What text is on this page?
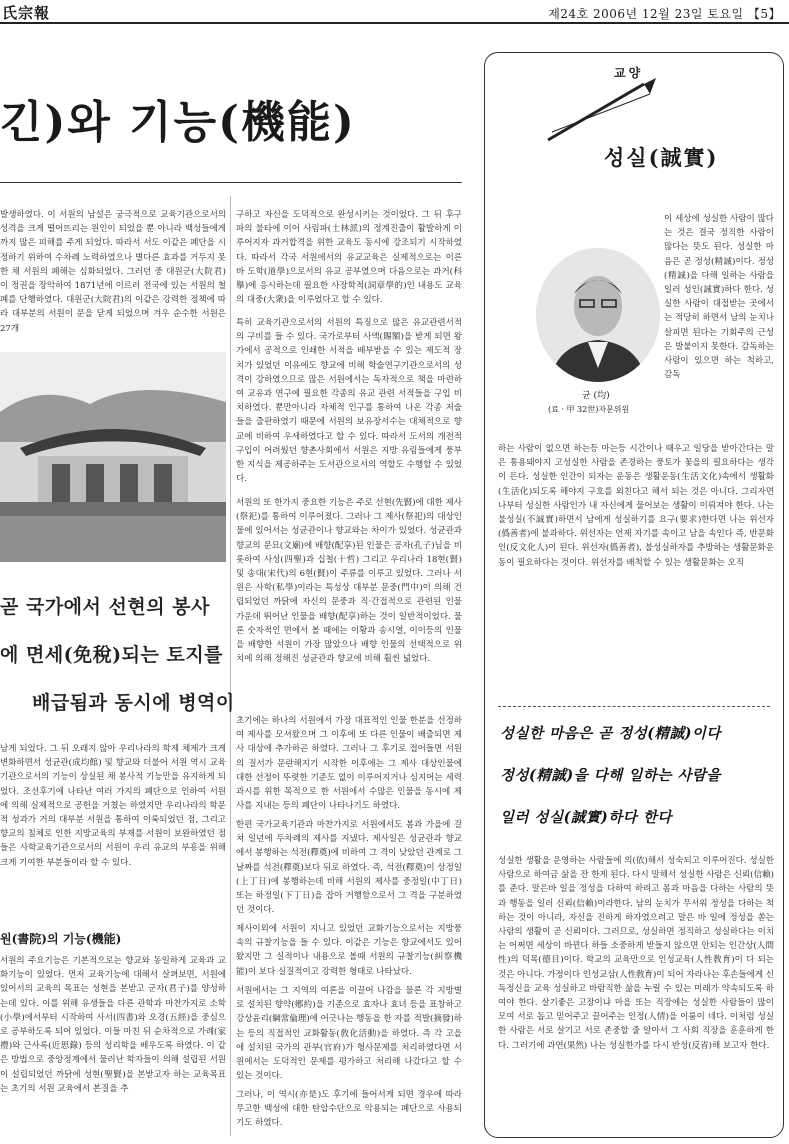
氏宗報	제24호 2006년 12월 23일 토요일 【5】
긴)와 기능(機能)
발생하였다. 이 서원의 남설은 궁극적으로 교육기관으로서의 성격을 크게 떨어뜨리는 원인이 되었을 뿐 아니라 백성들에게까지 많은 피해를 주게 되었다. 따라서 서도 이같은 폐단을 시정하기 위하여 수차례 노력하였으나 별다른 효과를 거두지 못한 채 서원의 폐해는 심화되었다. 그러던 중 대원군(大院君)이 정권을 장악하여 1871년에 이르러 전국에 있는 서원의 철폐를 단행하였다. 대원군(大院君)의 이같은 강력한 정책에 따라 대부분의 서원이 문을 닫게 되었으며 겨우 순수한 서원은 27개
곧 국가에서 선현의 봉사
에 면세(免稅)되는 토지를
배급됨과 동시에 병역이
남게 되었다. 그 뒤 오래지 않아 우리나라의 학제 체제가 크게 변화하면서 성균관(成均館) 및 향교와 더불어 서원 역시 교육기관으로서의 기능이 상실된 채 봉사적 기능만을 유지하게 되었다. 조선후기에 나타난 여러 가지의 폐단으로 인하여 서원에 의해 실제적으로 공헌을 거쳤는 하였지만 우리나라의 학문적 성과가 거의 대부분 서원을 통하여 이룩되었던 점, 그리고 향교의 침체로 인한 지방교육의 부재를 서원이 보완하였던 점들은 사학교육기관으로서의 서원이 우리 유교의 부흥을 위해 크게 기여한 부분들이라 할 수 있다.
원(書院)의 기능(機能)
서원의 주요기능은 기본적으로는 향교와 동일하게 교육과 교화기능이 있었다. 먼저 교육기능에 대해서 살펴보면, 서원에 있어서의 교육의 목표는 성현을 본받고 군자(君子)를 양성하는데 있다. 이를 위해 유생들을 다른 관학과 마찬가지로 소학(小學)에서부터 시작하여 사서(四書)와 오경(五經)을 중심으로 공부하도록 되어 있었다. 이들 마친 뒤 순차적으로 가례(家禮)와 근사록(近思錄) 등의 성리학을 배우도록 하였다. 이 같은 방법으로 중앙정계에서 물러난 학자들이 의해 설립된 서원이 설립되었던 까닭에 성현(聖賢)을 본받고자 하는 교육목표는 초기의 서원 교육에서 본질을 추
구하고 자신을 도덕적으로 완성시키는 것이었다. 그 뒤 후구파의 불타에 이어 사림파(士林派)의 정계진출이 활발하게 이루어지자 과거합격을 위한 교육도 동시에 강조되기 시작하였다. 따라서 각국 서원에서의 유교교육은 실제적으로는 이른 바 도학(道學)으로서의 유교 공부였으며 다음으로는 과거(科擧)에 응시하는데 필요한 사장학적(詞章學的)인 내용도 교육의 대중(大衆)을 이루었다고 할 수 있다.
특히 교육기관으로서의 서원의 특징으로 많은 유교관련서적의 구비를 들 수 있다. 국가로부터 사액(賜額)을 받게 되면 왕가에서 공적으로 인쇄한 서적을 배부받을 수 있는 제도적 장치가 있었던 이유에도 향교에 비해 학술연구기관으로서의 성격이 강하였으므로 많은 서원에서는 독자적으로 책을 마련하여 교유과 연구에 필요한 각종의 유교 관련 서적들을 구입 비치하였다. 뿐만아니라 자체적 인구를 통하여 나온 각종 저술들을 출판하였기 때문에 서원의 보유장서수는 대체적으로 향교에 비하여 우세하였다고 할 수 있다. 따라서 도서의 개전적 구입이 어려웠던 향촌사회에서 서원은 지방 유림들에게 풍부한 지식을 제공하주는 도서관으로서의 역할도 수행할 수 있었다.
서원의 또 한가지 중요한 기능은 주로 선현(先賢)에 대한 제사(祭祀)를 통하여 이루어졌다. 그러나 그 제사(祭祀)의 대상인물에 있어서는 성균관이나 향교와는 차이가 있었다. 성균관과 향교의 문묘(文廟)에 배향(配享)된 인물은 공자(孔子)님을 비롯하여 사성(四聖)과 십철(十哲) 그리고 우리나라 18현(賢) 및 송대(宋代)의 6현(賢)이 주류를 이루고 있었다. 그러나 서원은 사학(私學)이라는 특성상 대부분 문중(門中)이 의해 건립되었던 까닭에 자신의 문중과 직·간접적으로 관련된 인물 가운데 뛰어난 인물을 배향(配享)하는 것이 일반적이었다. 물론 숫자적인 면에서 볼 때에는 이황과 송시열, 이이등의 인물을 배향한 서원이 가장 많았으나 배향 인물의 선택적으로 위치에 의해 정해진 성균관과 향교에 비해 훨씬 넓었다.
초기에는 하나의 서원에서 가장 대표적인 인물 한분을 선정하여 제사를 모셔왔으며 그 이후에 또 다른 인물이 배출되면 제사 대상에 추가하곤 하였다. 그러나 그 후기로 접어들면 서원의 질서가 문란해지기 시작한 이후에는 그 제사 대상인물에 대한 선정이 뚜렷한 기준도 없이 이루어지거나 심지어는 세력과시를 위한 목적으로 한 서원에서 수많은 인물을 동시에 제사를 지내는 등의 폐단이 나타나기도 하였다.
한편 국가교육기관과 마찬가지로 서원에서도 봄과 가을에 걸쳐 일년에 두차례의 제사를 지냈다. 제사일은 성균관과 향교에서 봉행하는 석전(釋奠)에 비하여 그 격이 낮았던 관계로 그 날짜를 석전(釋奠)보다 뒤로 하였다. 즉, 석전(釋奠)이 상정일(上丁日)에 봉행하는데 비해 서원의 제사를 중정일(中丁日) 또는 하정일(下丁日)을 잡아 거행함으로서 그 격을 구분하였던 것이다.
제사이외에 서원이 지니고 있었던 교화기능으로서는 지방풍속의 규찰기능을 들 수 있다. 이같은 기능은 향교에서도 있어 왔지만 그 실적이나 내용으로 볼때 서원의 규찰기능(糾察機能)이 보다 실질적이고 강력한 형태로 나타났다.
서원에서는 그 지역의 여론을 이끌어 나감을 물론 각 지방별로 설치된 향약(鄕約)을 기준으로 효자나 효녀 등을 표창하고 강상윤리(綱常倫理)에 어긋나는 행동을 한 자를 적발(摘發)하는 등의 직접적인 교화활동(敎化活動)을 하였다. 즉 각 고을에 설치된 국가의 관부(官府)가 형사문제를 처리하였다면 서원에서는 도덕적인 문제를 평가하고 처리해 나갔다고 할 수 있는 것이다.
그러나, 이 역시(亦是)도 후기에 들어서게 되면 경우에 따라 무고한 백성에 대한 탄압수단으로 악용되는 폐단으로 사용되기도 하였다.
교양
성실(誠實)
균 (均)
(료 · 甲 32世)자문위원
이 세상에 성실한 사람이 많다는 것은 결국 정직한 사람이 많다는 뜻도 된다. 성실한 마음은 곧 정성(精誠)이다. 정성(精誠)을 다해 일하는 사람을 일러 성인(誠實)하다 한다. 성실한 사람이 대접받는 곳에서는 적당히 하면서 남의 눈치나 살피면 된다는 기회주의 근성은 발붙이지 못한다. 감독하는 사람이 있으면 하는 척하고, 감독
하는 사람이 없으면 하는등 마는등 시간이나 때우고 일당을 받아간다는 말은 통용돼야지 고성실한 사람을 존경하는 풍토가 꽃을의 필요하다는 생각이 든다. 성실한 인간이 되자는 운동은 생활운동(生活文化)속에서 생활화(生活化)되도록 해야지 구호를 외친다고 해서 되는 것은 아니다. 그리자면 나부터 성실한 사람인가 내 자신에게 물어보는 생활이 이뤄져야 한다. 나는 불성실(不誠實)하면서 남에게 성실하기를 요구(要求)한다면 나는 위선자(僞善者)에 불과하다. 위선자는 언제 자기를 속이고 남을 속인다 즉, 반문화인(反文化人)이 된다. 위선자(僞善者), 불성실하자를 추방하는 생활문화운동이 필요하다는 것이다. 위선자를 배척할 수 있는 생활문화는 오직
성실한 마음은 곧 정성(精誠)이다
정성(精誠)을 다해 일하는 사람을
일러 성실(誠實)하다 한다
성실한 생활을 운영하는 사람들에 의(依)해서 성숙되고 이루어진다. 성실한 사람으로 하여금 삶을 잔 한게 된다. 다시 말해서 성실한 사람은 신뢰(信賴)를 준다. 말은바 일을 정성을 다하여 하려고 몸과 마음을 다하는 사람의 뜻과 행동을 일러 신뢰(信賴)이라한다. 남의 눈치가 무서워 정성을 다하는 척 하는 것이 아니라, 자신을 진하게 하자였으려고 말은 바 일에 정성을 쏟는 사람의 생활이 곧 신뢰이다. 그러므로, 성실하면 정직하고 성실하다는 이치는 어쩌면 세상이 바뀐다 하들 소중하게 받들지 않으면 안되는 인간상(人間性)의 덕목(德目)이다. 학교의 교육만으로 인성교육(人性敎育)이 다 되는 것은 아니다. 가정이다 인성교삼(人性敎育)이 되어 자라나는 후손들에게 신독정신을 교육 성실하고 바람직한 삶을 누릴 수 있는 미래가 약속되도록 하여야 한다. 살기좋은 고장이냐 마을 또는 직장에는 성실한 사람들이 많이 모여 서로 돕고 믿어주고 끌어주는 인정(人情)을 이룸이 네다. 이처럼 성실한 사람은 서로 살기고 서로 존중할 줄 알아서 그 사회 직장을 훈훈하게 한다. 그러기에 과연(果然) 나는 성실한가를 다시 반성(反省)해 보고자 한다.
